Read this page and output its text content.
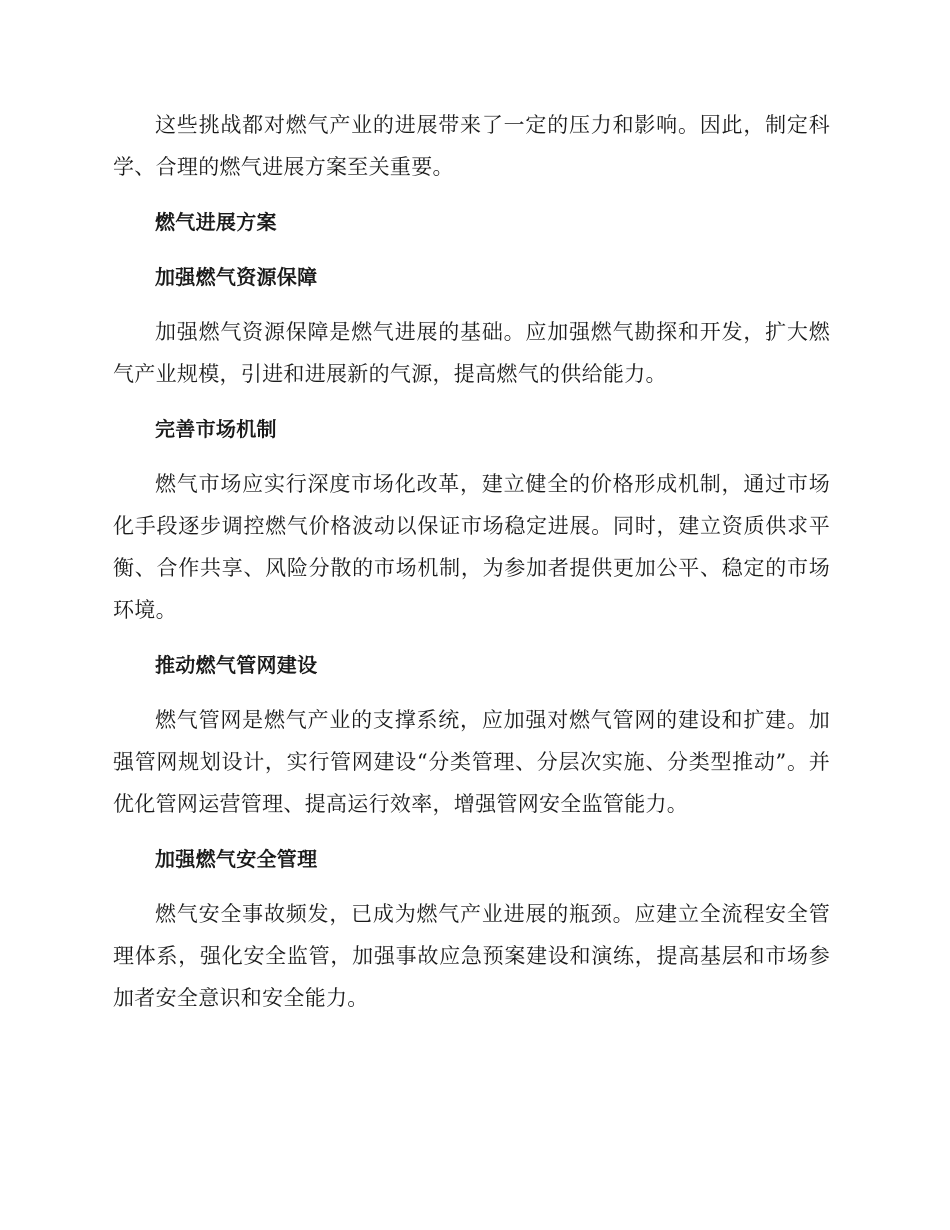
这些挑战都对燃气产业的进展带来了一定的压力和影响。因此，制定科学、合理的燃气进展方案至关重要。

燃气进展方案

加强燃气资源保障

加强燃气资源保障是燃气进展的基础。应加强燃气勘探和开发，扩大燃气产业规模，引进和进展新的气源，提高燃气的供给能力。

完善市场机制

燃气市场应实行深度市场化改革，建立健全的价格形成机制，通过市场化手段逐步调控燃气价格波动以保证市场稳定进展。同时，建立资质供求平衡、合作共享、风险分散的市场机制，为参加者提供更加公平、稳定的市场环境。

推动燃气管网建设

燃气管网是燃气产业的支撑系统，应加强对燃气管网的建设和扩建。加强管网规划设计，实行管网建设“分类管理、分层次实施、分类型推动”。并优化管网运营管理、提高运行效率，增强管网安全监管能力。

加强燃气安全管理

燃气安全事故频发，已成为燃气产业进展的瓶颈。应建立全流程安全管理体系，强化安全监管，加强事故应急预案建设和演练，提高基层和市场参加者安全意识和安全能力。
